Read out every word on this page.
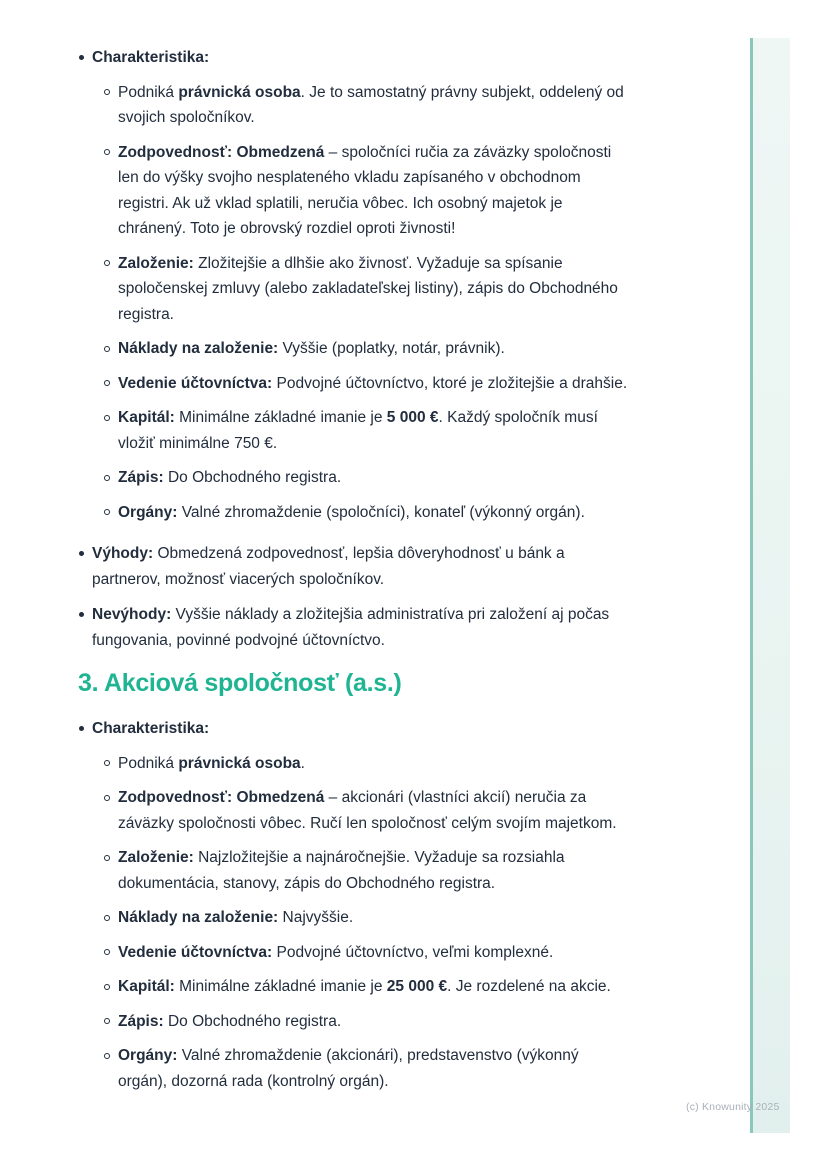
Charakteristika:
Podniká právnická osoba. Je to samostatný právny subjekt, oddelený od svojich spoločníkov.
Zodpovednosť: Obmedzená – spoločníci ručia za záväzky spoločnosti len do výšky svojho nesplateného vkladu zapísaného v obchodnom registri. Ak už vklad splatili, neručia vôbec. Ich osobný majetok je chránený. Toto je obrovský rozdiel oproti živnosti!
Založenie: Zložitejšie a dlhšie ako živnosť. Vyžaduje sa spísanie spoločenskej zmluvy (alebo zakladateľskej listiny), zápis do Obchodného registra.
Náklady na založenie: Vyššie (poplatky, notár, právnik).
Vedenie účtovníctva: Podvojné účtovníctvo, ktoré je zložitejšie a drahšie.
Kapitál: Minimálne základné imanie je 5 000 €. Každý spoločník musí vložiť minimálne 750 €.
Zápis: Do Obchodného registra.
Orgány: Valné zhromaždenie (spoločníci), konateľ (výkonný orgán).
Výhody: Obmedzená zodpovednosť, lepšia dôveryhodnosť u bánk a partnerov, možnosť viacerých spoločníkov.
Nevýhody: Vyššie náklady a zložitejšia administratíva pri založení aj počas fungovania, povinné podvojné účtovníctvo.
3. Akciová spoločnosť (a.s.)
Charakteristika:
Podniká právnická osoba.
Zodpovednosť: Obmedzená – akcionári (vlastníci akcií) neručia za záväzky spoločnosti vôbec. Ručí len spoločnosť celým svojím majetkom.
Založenie: Najzložitejšie a najnáročnejšie. Vyžaduje sa rozsiahla dokumentácia, stanovy, zápis do Obchodného registra.
Náklady na založenie: Najvyššie.
Vedenie účtovníctva: Podvojné účtovníctvo, veľmi komplexné.
Kapitál: Minimálne základné imanie je 25 000 €. Je rozdelené na akcie.
Zápis: Do Obchodného registra.
Orgány: Valné zhromaždenie (akcionári), predstavenstvo (výkonný orgán), dozorná rada (kontrolný orgán).
(c) Knowunity 2025
